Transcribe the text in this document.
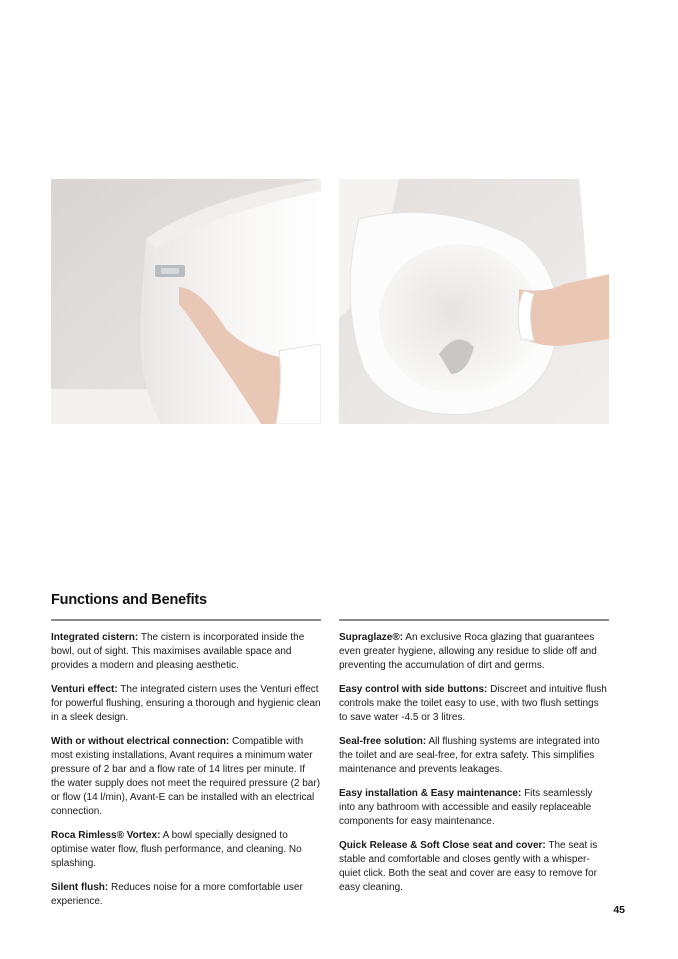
Functions and Benefits

Integrated cistern: The cistern is incorporated inside the bowl, out of sight. This maximises available space and provides a modern and pleasing aesthetic.

Venturi effect: The integrated cistern uses the Venturi effect for powerful flushing, ensuring a thorough and hygienic clean in a sleek design.

With or without electrical connection: Compatible with most existing installations, Avant requires a minimum water pressure of 2 bar and a flow rate of 14 litres per minute. If the water supply does not meet the required pressure (2 bar) or flow (14 l/min), Avant-E can be installed with an electrical connection.

Roca Rimless® Vortex: A bowl specially designed to optimise water flow, flush performance, and cleaning. No splashing.

Silent flush: Reduces noise for a more comfortable user experience.

Supraglaze®: An exclusive Roca glazing that guarantees even greater hygiene, allowing any residue to slide off and preventing the accumulation of dirt and germs.

Easy control with side buttons: Discreet and intuitive flush controls make the toilet easy to use, with two flush settings to save water -4.5 or 3 litres.

Seal-free solution: All flushing systems are integrated into the toilet and are seal-free, for extra safety. This simplifies maintenance and prevents leakages.

Easy installation & Easy maintenance: Fits seamlessly into any bathroom with accessible and easily replaceable components for easy maintenance.

Quick Release & Soft Close seat and cover: The seat is stable and comfortable and closes gently with a whisper-quiet click. Both the seat and cover are easy to remove for easy cleaning.

45
